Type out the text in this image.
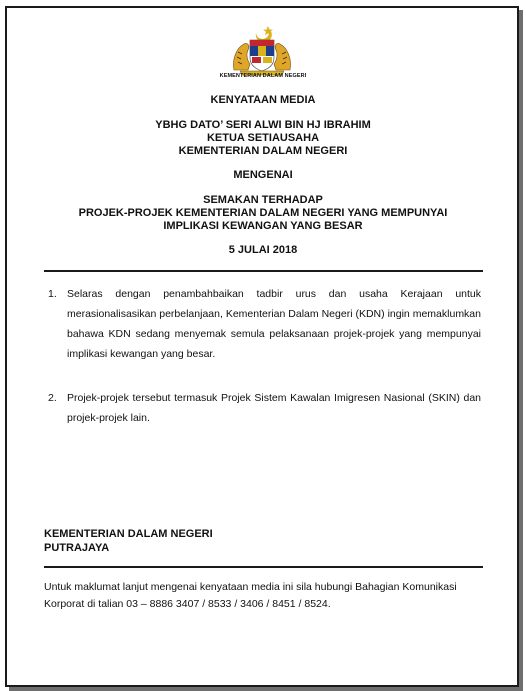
KEMENTERIAN DALAM NEGERI
KENYATAAN MEDIA
YBHG DATO’ SERI ALWI BIN HJ IBRAHIM
KETUA SETIAUSAHA
KEMENTERIAN DALAM NEGERI
MENGENAI
SEMAKAN TERHADAP
PROJEK-PROJEK KEMENTERIAN DALAM NEGERI YANG MEMPUNYAI
IMPLIKASI KEWANGAN YANG BESAR
5 JULAI 2018
1. Selaras dengan penambahbaikan tadbir urus dan usaha Kerajaan untuk merasionalisasikan perbelanjaan, Kementerian Dalam Negeri (KDN) ingin memaklumkan bahawa KDN sedang menyemak semula pelaksanaan projek-projek yang mempunyai implikasi kewangan yang besar.
2. Projek-projek tersebut termasuk Projek Sistem Kawalan Imigresen Nasional (SKIN) dan projek-projek lain.
KEMENTERIAN DALAM NEGERI
PUTRAJAYA
Untuk maklumat lanjut mengenai kenyataan media ini sila hubungi Bahagian Komunikasi Korporat di talian 03 – 8886 3407 / 8533 / 3406 / 8451 / 8524.
